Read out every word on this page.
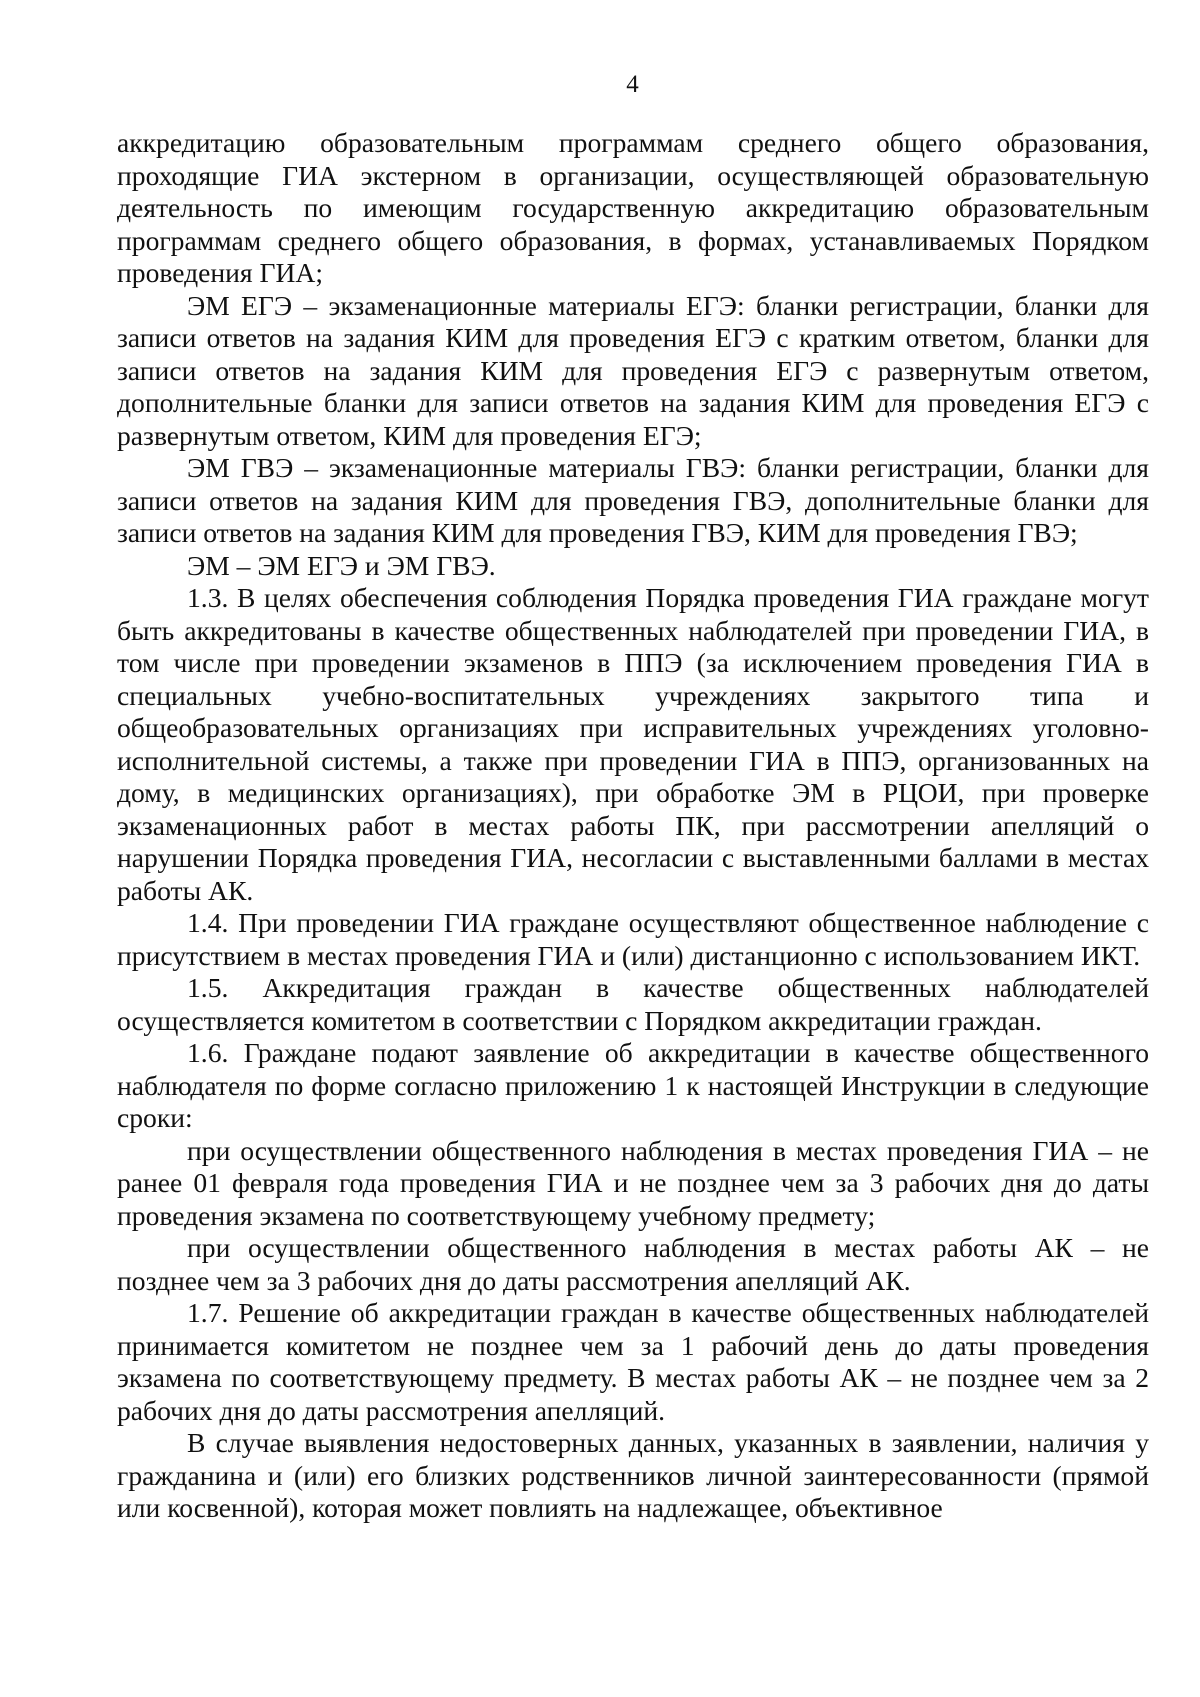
4

аккредитацию образовательным программам среднего общего образования, проходящие ГИА экстерном в организации, осуществляющей образовательную деятельность по имеющим государственную аккредитацию образовательным программам среднего общего образования, в формах, устанавливаемых Порядком проведения ГИА;

ЭМ ЕГЭ – экзаменационные материалы ЕГЭ: бланки регистрации, бланки для записи ответов на задания КИМ для проведения ЕГЭ с кратким ответом, бланки для записи ответов на задания КИМ для проведения ЕГЭ с развернутым ответом, дополнительные бланки для записи ответов на задания КИМ для проведения ЕГЭ с развернутым ответом, КИМ для проведения ЕГЭ;

ЭМ ГВЭ – экзаменационные материалы ГВЭ: бланки регистрации, бланки для записи ответов на задания КИМ для проведения ГВЭ, дополнительные бланки для записи ответов на задания КИМ для проведения ГВЭ, КИМ для проведения ГВЭ;

ЭМ – ЭМ ЕГЭ и ЭМ ГВЭ.

1.3. В целях обеспечения соблюдения Порядка проведения ГИА граждане могут быть аккредитованы в качестве общественных наблюдателей при проведении ГИА, в том числе при проведении экзаменов в ППЭ (за исключением проведения ГИА в специальных учебно-воспитательных учреждениях закрытого типа и общеобразовательных организациях при исправительных учреждениях уголовно-исполнительной системы, а также при проведении ГИА в ППЭ, организованных на дому, в медицинских организациях), при обработке ЭМ в РЦОИ, при проверке экзаменационных работ в местах работы ПК, при рассмотрении апелляций о нарушении Порядка проведения ГИА, несогласии с выставленными баллами в местах работы АК.

1.4. При проведении ГИА граждане осуществляют общественное наблюдение с присутствием в местах проведения ГИА и (или) дистанционно с использованием ИКТ.

1.5. Аккредитация граждан в качестве общественных наблюдателей осуществляется комитетом в соответствии с Порядком аккредитации граждан.

1.6. Граждане подают заявление об аккредитации в качестве общественного наблюдателя по форме согласно приложению 1 к настоящей Инструкции в следующие сроки:

при осуществлении общественного наблюдения в местах проведения ГИА – не ранее 01 февраля года проведения ГИА и не позднее чем за 3 рабочих дня до даты проведения экзамена по соответствующему учебному предмету;

при осуществлении общественного наблюдения в местах работы АК – не позднее чем за 3 рабочих дня до даты рассмотрения апелляций АК.

1.7. Решение об аккредитации граждан в качестве общественных наблюдателей принимается комитетом не позднее чем за 1 рабочий день до даты проведения экзамена по соответствующему предмету. В местах работы АК – не позднее чем за 2 рабочих дня до даты рассмотрения апелляций.

В случае выявления недостоверных данных, указанных в заявлении, наличия у гражданина и (или) его близких родственников личной заинтересованности (прямой или косвенной), которая может повлиять на надлежащее, объективное
